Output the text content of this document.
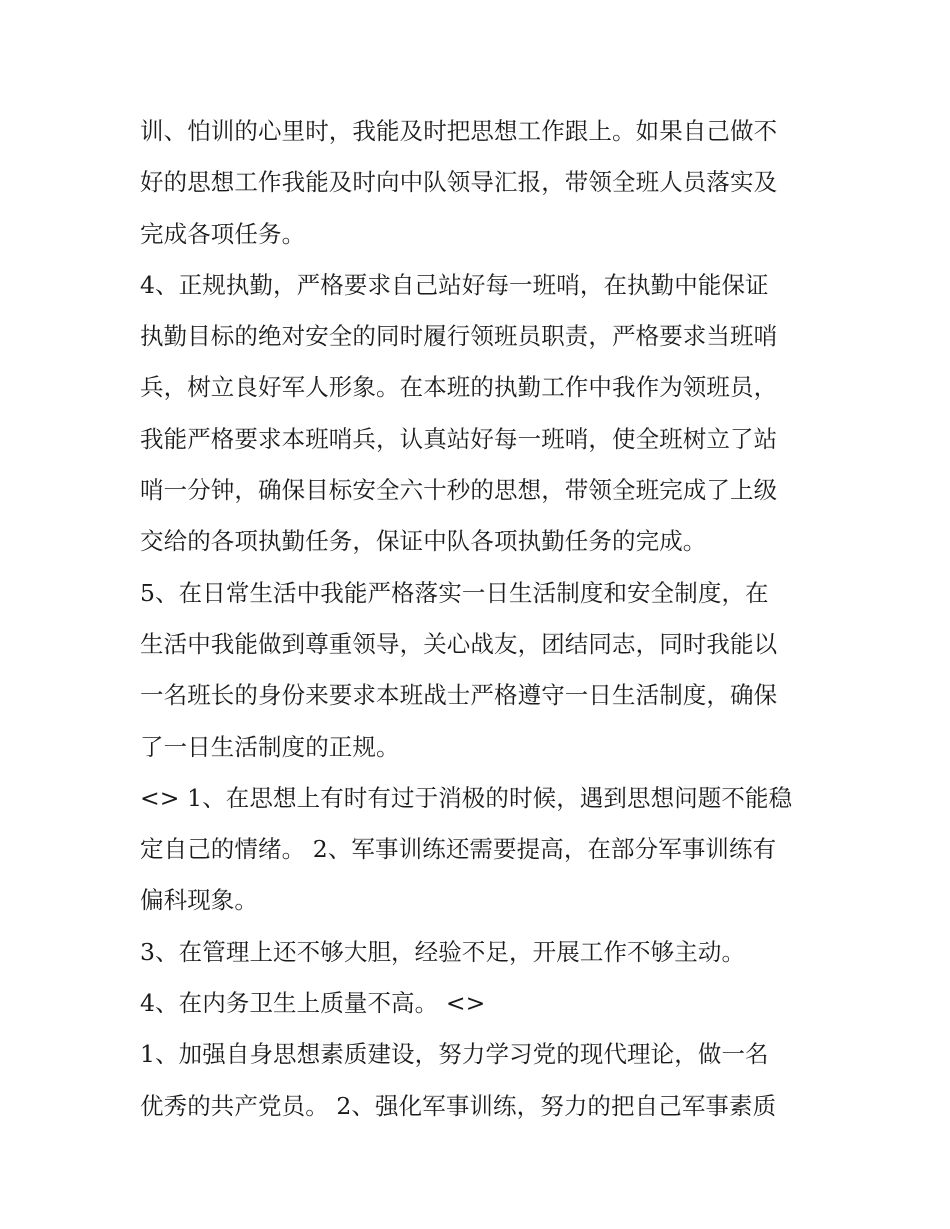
训、怕训的心里时，我能及时把思想工作跟上。如果自己做不
好的思想工作我能及时向中队领导汇报，带领全班人员落实及
完成各项任务。
4、正规执勤，严格要求自己站好每一班哨，在执勤中能保证
执勤目标的绝对安全的同时履行领班员职责，严格要求当班哨
兵，树立良好军人形象。在本班的执勤工作中我作为领班员，
我能严格要求本班哨兵，认真站好每一班哨，使全班树立了站
哨一分钟，确保目标安全六十秒的思想，带领全班完成了上级
交给的各项执勤任务，保证中队各项执勤任务的完成。
5、在日常生活中我能严格落实一日生活制度和安全制度，在
生活中我能做到尊重领导，关心战友，团结同志，同时我能以
一名班长的身份来要求本班战士严格遵守一日生活制度，确保
了一日生活制度的正规。
<> 1、在思想上有时有过于消极的时候，遇到思想问题不能稳
定自己的情绪。 2、军事训练还需要提高，在部分军事训练有
偏科现象。
3、在管理上还不够大胆，经验不足，开展工作不够主动。
4、在内务卫生上质量不高。 <>
1、加强自身思想素质建设，努力学习党的现代理论，做一名
优秀的共产党员。 2、强化军事训练，努力的把自己军事素质
